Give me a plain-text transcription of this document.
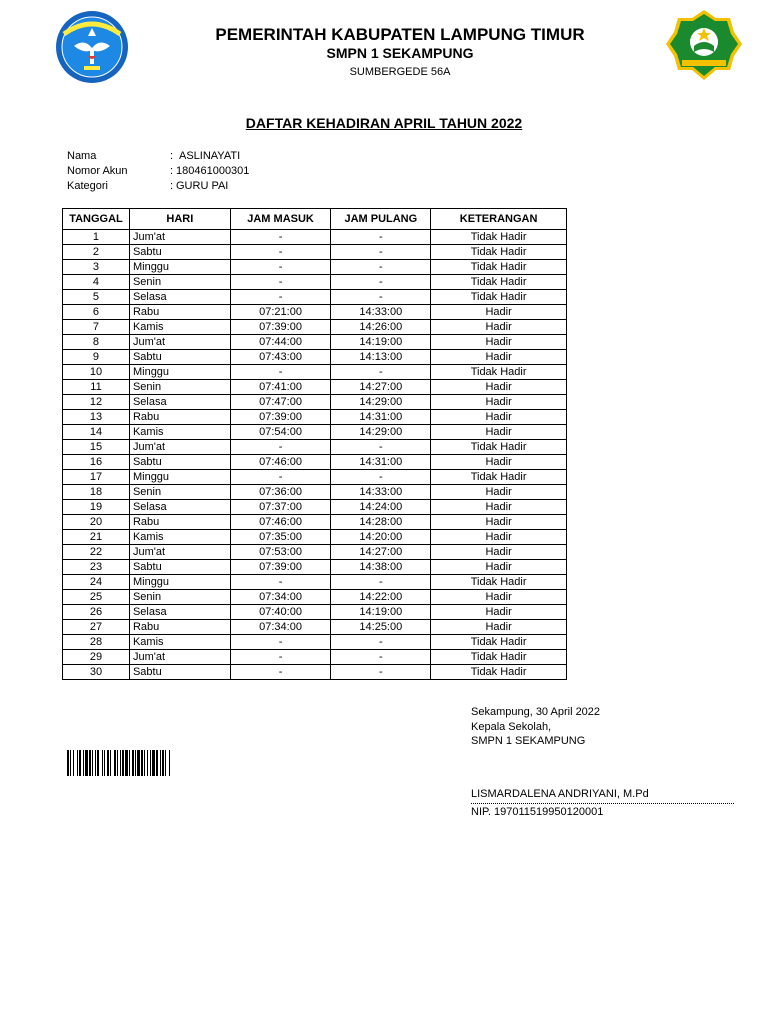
PEMERINTAH KABUPATEN LAMPUNG TIMUR
SMPN 1 SEKAMPUNG
SUMBERGEDE 56A
DAFTAR KEHADIRAN APRIL TAHUN 2022
Nama	: ASLINAYATI
Nomor Akun	: 180461000301
Kategori	: GURU PAI
TANGGAL	HARI	JAM MASUK	JAM PULANG	KETERANGAN
1	Jum'at	-	-	Tidak Hadir
2	Sabtu	-	-	Tidak Hadir
3	Minggu	-	-	Tidak Hadir
4	Senin	-	-	Tidak Hadir
5	Selasa	-	-	Tidak Hadir
6	Rabu	07:21:00	14:33:00	Hadir
7	Kamis	07:39:00	14:26:00	Hadir
8	Jum'at	07:44:00	14:19:00	Hadir
9	Sabtu	07:43:00	14:13:00	Hadir
10	Minggu	-	-	Tidak Hadir
11	Senin	07:41:00	14:27:00	Hadir
12	Selasa	07:47:00	14:29:00	Hadir
13	Rabu	07:39:00	14:31:00	Hadir
14	Kamis	07:54:00	14:29:00	Hadir
15	Jum'at	-	-	Tidak Hadir
16	Sabtu	07:46:00	14:31:00	Hadir
17	Minggu	-	-	Tidak Hadir
18	Senin	07:36:00	14:33:00	Hadir
19	Selasa	07:37:00	14:24:00	Hadir
20	Rabu	07:46:00	14:28:00	Hadir
21	Kamis	07:35:00	14:20:00	Hadir
22	Jum'at	07:53:00	14:27:00	Hadir
23	Sabtu	07:39:00	14:38:00	Hadir
24	Minggu	-	-	Tidak Hadir
25	Senin	07:34:00	14:22:00	Hadir
26	Selasa	07:40:00	14:19:00	Hadir
27	Rabu	07:34:00	14:25:00	Hadir
28	Kamis	-	-	Tidak Hadir
29	Jum'at	-	-	Tidak Hadir
30	Sabtu	-	-	Tidak Hadir
Sekampung, 30 April 2022
Kepala Sekolah,
SMPN 1 SEKAMPUNG
LISMARDALENA ANDRIYANI, M.Pd
NIP. 197011519950120001
